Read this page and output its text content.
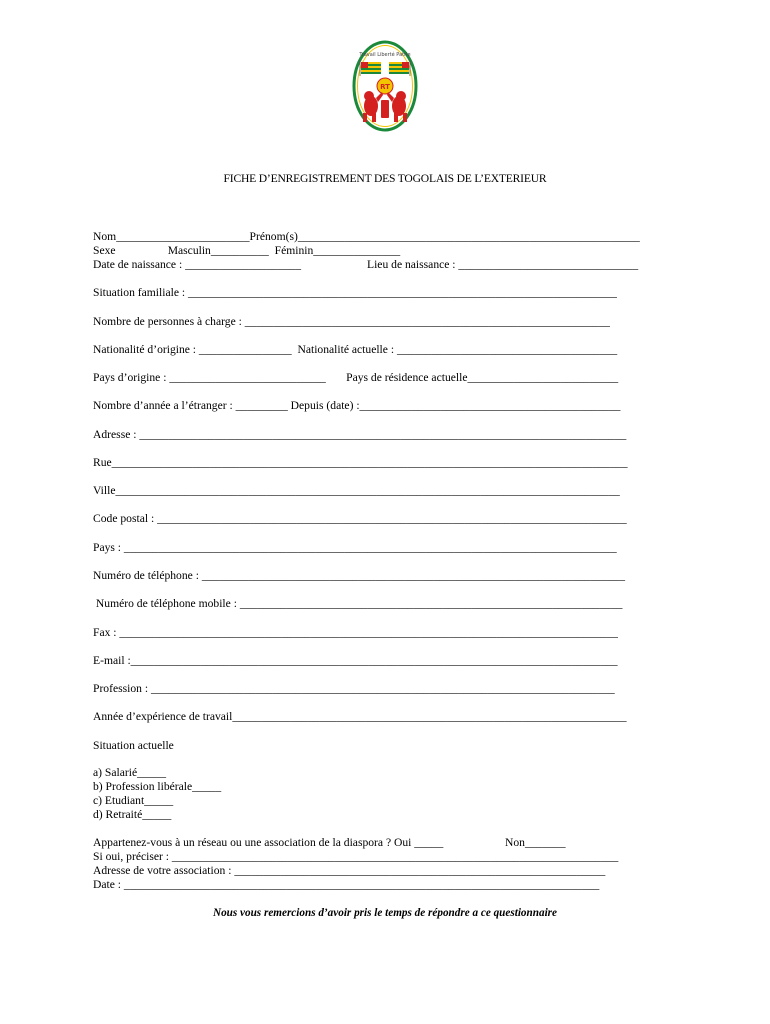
Travail Liberté Patrie
RT
FICHE D’ENREGISTREMENT DES TOGOLAIS DE L’EXTERIEUR
Nom_______________________Prénom(s)___________________________________________________________
Sexe                  Masculin__________  Féminin_______________
Date de naissance : ____________________	Lieu de naissance : _______________________________
Situation familiale : __________________________________________________________________________
Nombre de personnes à charge : _______________________________________________________________
Nationalité d’origine : ________________  Nationalité actuelle : ______________________________________
Pays d’origine : ___________________________       Pays de résidence actuelle__________________________
Nombre d’année a l’étranger : _________ Depuis (date) :_____________________________________________
Adresse : ____________________________________________________________________________________
Rue_________________________________________________________________________________________
Ville_______________________________________________________________________________________
Code postal : _________________________________________________________________________________
Pays : _____________________________________________________________________________________
Numéro de téléphone : _________________________________________________________________________
Numéro de téléphone mobile : __________________________________________________________________
Fax : ______________________________________________________________________________________
E-mail :____________________________________________________________________________________
Profession : ________________________________________________________________________________
Année d’expérience de travail____________________________________________________________________
Situation actuelle
a) Salarié_____
b) Profession libérale_____
c) Etudiant_____
d) Retraité_____
Appartenez-vous à un réseau ou une association de la diaspora ? Oui _____	Non_______
Si oui, préciser : _____________________________________________________________________________
Adresse de votre association : ________________________________________________________________
Date : __________________________________________________________________________________
Nous vous remercions d’avoir pris le temps de répondre a ce questionnaire
